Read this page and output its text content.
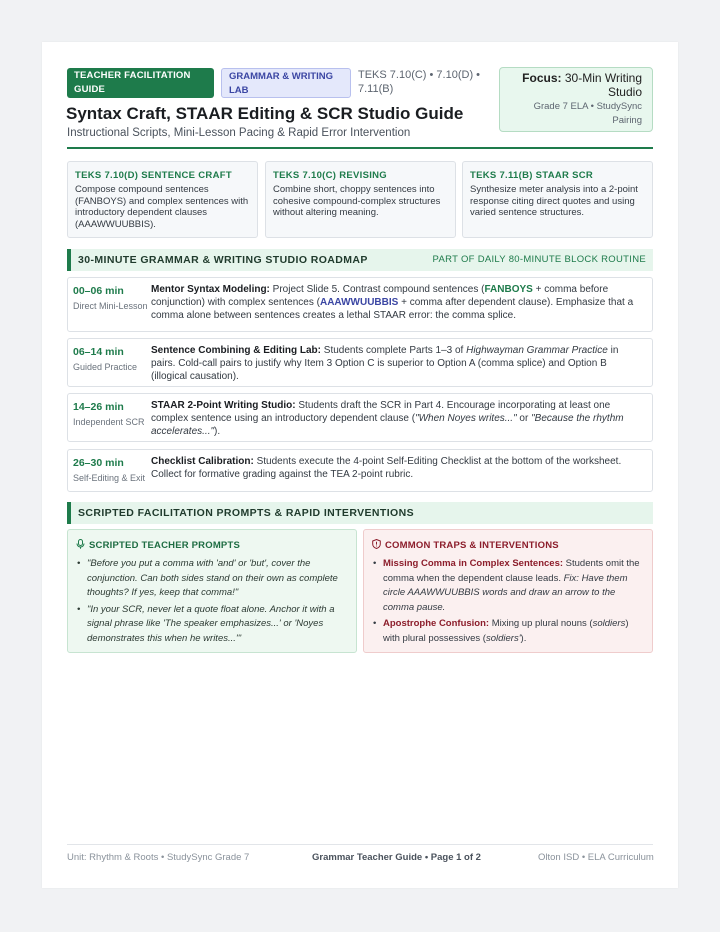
TEACHER FACILITATION GUIDE
GRAMMAR & WRITING LAB
TEKS 7.10(C) • 7.10(D) • 7.11(B)
Focus: 30-Min Writing Studio
Grade 7 ELA • StudySync Pairing
Syntax Craft, STAAR Editing & SCR Studio Guide
Instructional Scripts, Mini-Lesson Pacing & Rapid Error Intervention
TEKS 7.10(D) SENTENCE CRAFT

Compose compound sentences (FANBOYS) and complex sentences with introductory dependent clauses (AAAWWUUBBIS).

TEKS 7.10(C) REVISING

Combine short, choppy sentences into cohesive compound-complex structures without altering meaning.

TEKS 7.11(B) STAAR SCR

Synthesize meter analysis into a 2-point response citing direct quotes and using varied sentence structures.

30-MINUTE GRAMMAR & WRITING STUDIO ROADMAP	PART OF DAILY 80-MINUTE BLOCK ROUTINE
00–06 min
Direct Mini-Lesson
Mentor Syntax Modeling: Project Slide 5. Contrast compound sentences (FANBOYS + comma before conjunction) with complex sentences (AAAWWUUBBIS + comma after dependent clause). Emphasize that a comma alone between sentences creates a lethal STAAR error: the comma splice.
06–14 min
Guided Practice
Sentence Combining & Editing Lab: Students complete Parts 1–3 of Highwayman Grammar Practice in pairs. Cold-call pairs to justify why Item 3 Option C is superior to Option A (comma splice) and Option B (illogical causation).
14–26 min
Independent SCR
STAAR 2-Point Writing Studio: Students draft the SCR in Part 4. Encourage incorporating at least one complex sentence using an introductory dependent clause ("When Noyes writes..." or "Because the rhythm accelerates...").
26–30 min
Self-Editing & Exit
Checklist Calibration: Students execute the 4-point Self-Editing Checklist at the bottom of the worksheet. Collect for formative grading against the TEA 2-point rubric.
SCRIPTED FACILITATION PROMPTS & RAPID INTERVENTIONS
SCRIPTED TEACHER PROMPTS
• "Before you put a comma with 'and' or 'but', cover the conjunction. Can both sides stand on their own as complete thoughts? If yes, keep that comma!"
• "In your SCR, never let a quote float alone. Anchor it with a signal phrase like 'The speaker emphasizes...' or 'Noyes demonstrates this when he writes...'"
COMMON TRAPS & INTERVENTIONS
• Missing Comma in Complex Sentences: Students omit the comma when the dependent clause leads. Fix: Have them circle AAAWWUUBBIS words and draw an arrow to the comma pause.
• Apostrophe Confusion: Mixing up plural nouns (soldiers) with plural possessives (soldiers').
Unit: Rhythm & Roots • StudySync Grade 7	Grammar Teacher Guide • Page 1 of 2	Olton ISD • ELA Curriculum
